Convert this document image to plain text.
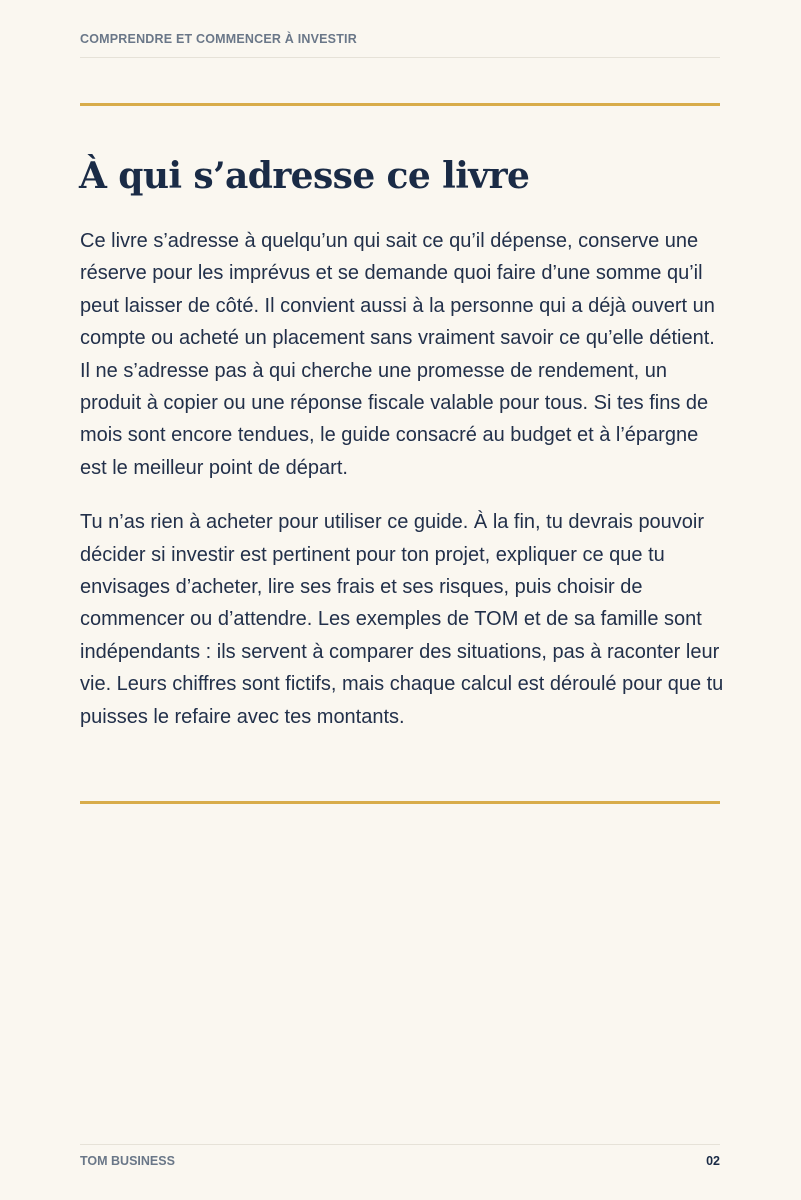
COMPRENDRE ET COMMENCER À INVESTIR
À qui s’adresse ce livre

Ce livre s’adresse à quelqu’un qui sait ce qu’il dépense, conserve une réserve pour les imprévus et se demande quoi faire d’une somme qu’il peut laisser de côté. Il convient aussi à la personne qui a déjà ouvert un compte ou acheté un placement sans vraiment savoir ce qu’elle détient. Il ne s’adresse pas à qui cherche une promesse de rendement, un produit à copier ou une réponse fiscale valable pour tous. Si tes fins de mois sont encore tendues, le guide consacré au budget et à l’épargne est le meilleur point de départ.

Tu n’as rien à acheter pour utiliser ce guide. À la fin, tu devrais pouvoir décider si investir est pertinent pour ton projet, expliquer ce que tu envisages d’acheter, lire ses frais et ses risques, puis choisir de commencer ou d’attendre. Les exemples de TOM et de sa famille sont indépendants : ils servent à comparer des situations, pas à raconter leur vie. Leurs chiffres sont fictifs, mais chaque calcul est déroulé pour que tu puisses le refaire avec tes montants.

TOM BUSINESS	02
